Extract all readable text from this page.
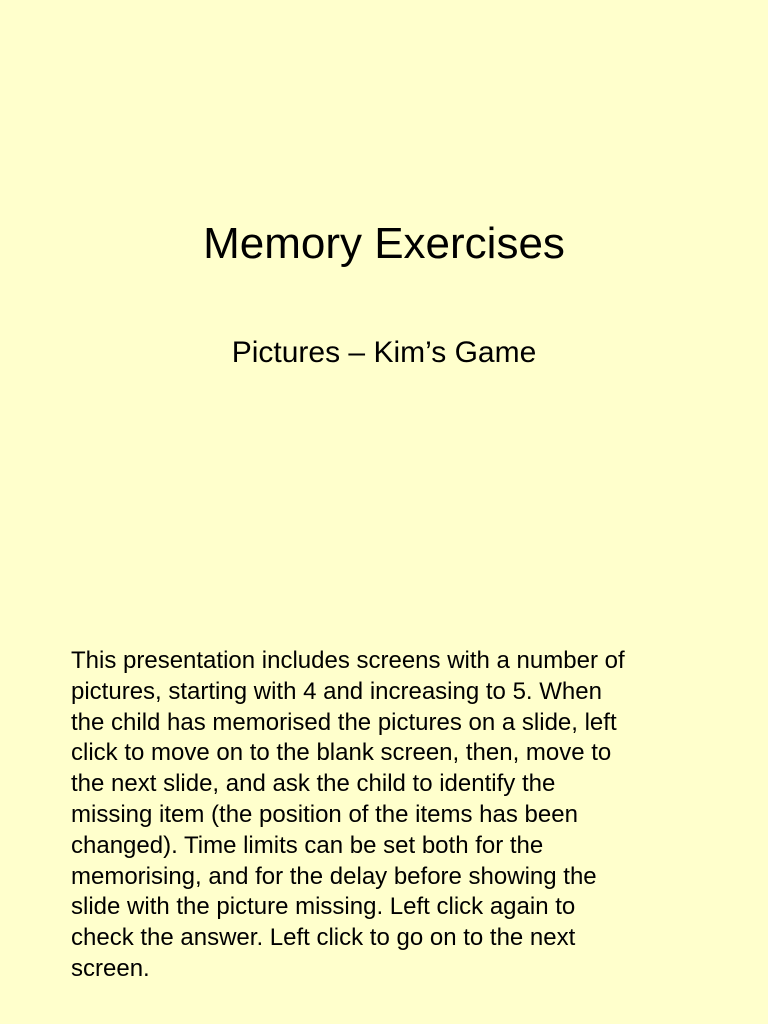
Memory Exercises
Pictures – Kim’s Game

This presentation includes screens with a number of
pictures, starting with 4 and increasing to 5. When
the child has memorised the pictures on a slide, left
click to move on to the blank screen, then, move to
the next slide, and ask the child to identify the
missing item (the position of the items has been
changed). Time limits can be set both for the
memorising, and for the delay before showing the
slide with the picture missing. Left click again to
check the answer. Left click to go on to the next
screen.
